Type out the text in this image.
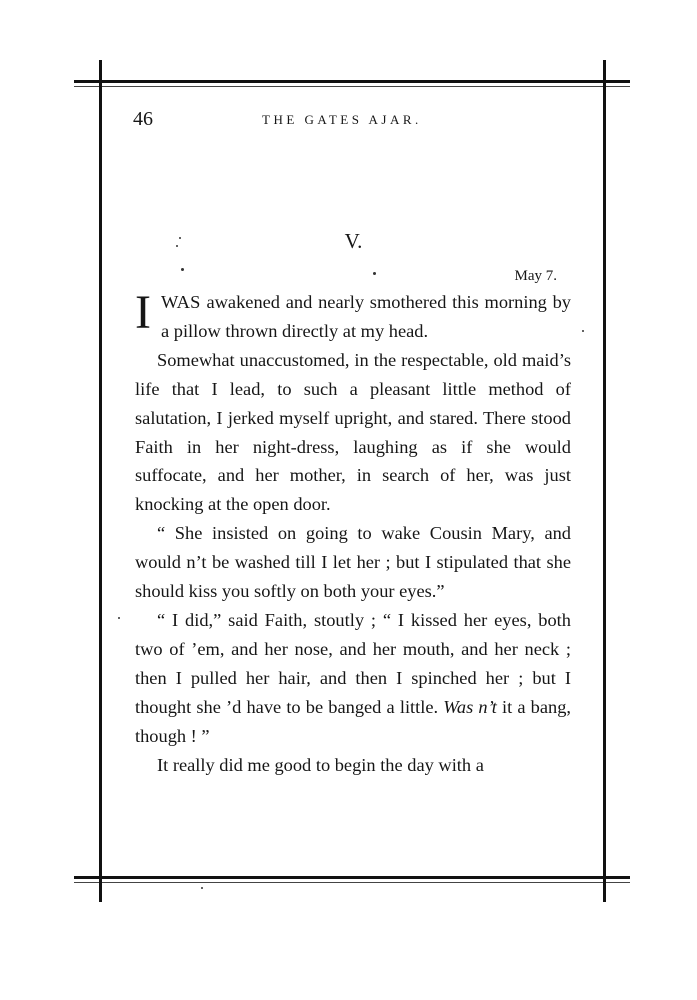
46	THE GATES AJAR.
V.
May 7.

IWAS awakened and nearly smothered this morning by a pillow thrown directly at my head.

Somewhat unaccustomed, in the respectable, old maid’s life that I lead, to such a pleasant little method of salutation, I jerked myself upright, and stared. There stood Faith in her night-dress, laughing as if she would suffocate, and her mother, in search of her, was just knocking at the open door.

“ She insisted on going to wake Cousin Mary, and would n’t be washed till I let her ; but I stipulated that she should kiss you softly on both your eyes.”

“ I did,” said Faith, stoutly ; “ I kissed her eyes, both two of ’em, and her nose, and her mouth, and her neck ; then I pulled her hair, and then I spinched her ; but I thought she ’d have to be banged a little. Was n’t it a bang, though ! ”

It really did me good to begin the day with a
